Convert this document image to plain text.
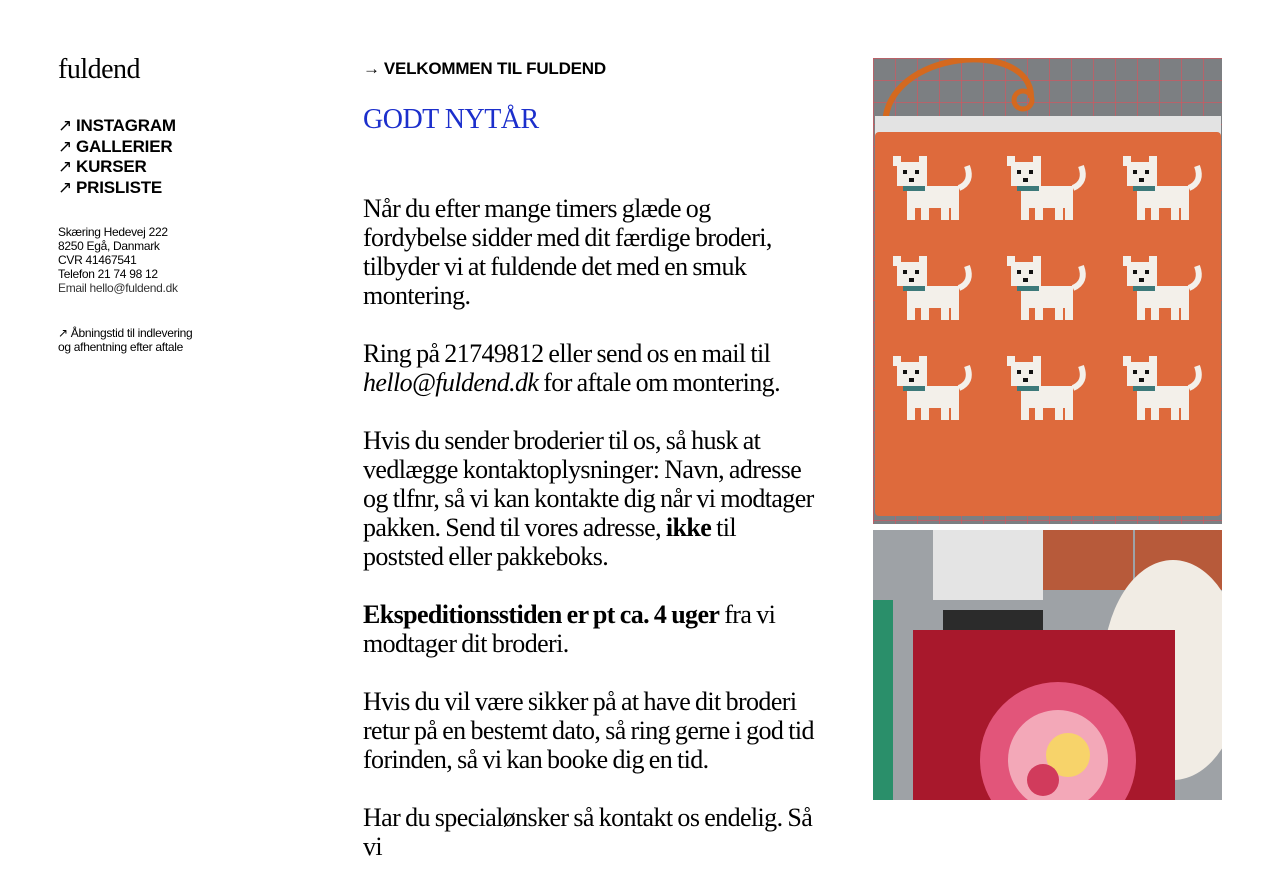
fuldend
↗ INSTAGRAM
↗ GALLERIER
↗ KURSER
↗ PRISLISTE
Skæring Hedevej 222
8250 Egå, Danmark
CVR 41467541
Telefon 21 74 98 12
Email hello@fuldend.dk
↗ Åbningstid til indlevering
og afhentning efter aftale
→ VELKOMMEN TIL FULDEND
GODT NYTÅR

Når du efter mange timers glæde og fordybelse sidder med dit færdige broderi, tilbyder vi at fuldende det med en smuk montering.

Ring på 21749812 eller send os en mail til hello@fuldend.dk for aftale om montering.

Hvis du sender broderier til os, så husk at vedlægge kontaktoplysninger: Navn, adresse og tlfnr, så vi kan kontakte dig når vi modtager pakken. Send til vores adresse, ikke til poststed eller pakkeboks.

Ekspeditionsstiden er pt ca. 4 uger fra vi modtager dit broderi.

Hvis du vil være sikker på at have dit broderi retur på en bestemt dato, så ring gerne i god tid forinden, så vi kan booke dig en tid.

Har du specialønsker så kontakt os endelig. Så vi
